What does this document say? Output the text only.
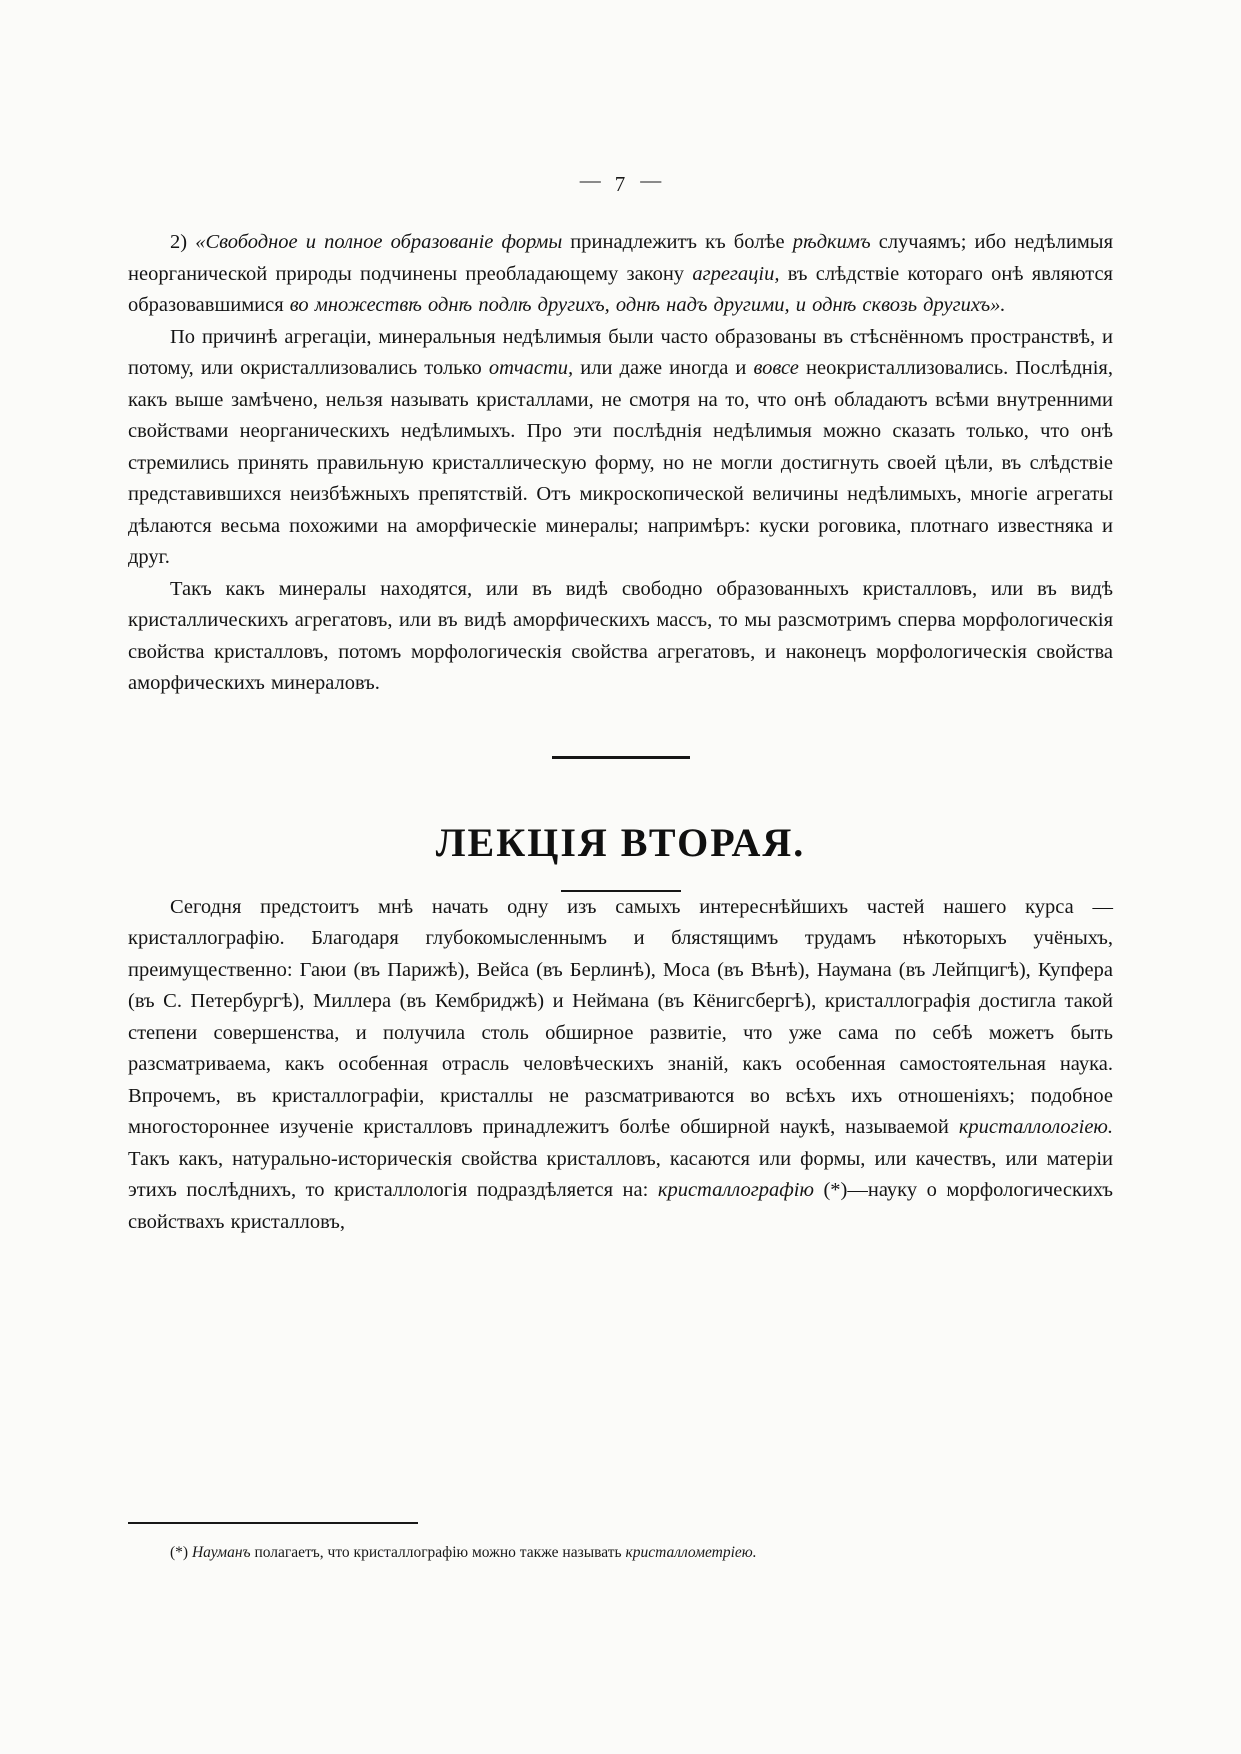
— 7 —

2) «Свободное и полное образованіе формы принадлежитъ къ болѣе рѣдкимъ случаямъ; ибо недѣлимыя неорганической природы подчинены преобладающему закону агрегаціи, въ слѣдствіе котораго онѣ являются образовавшимися во множествѣ однѣ подлѣ другихъ, однѣ надъ другими, и однѣ сквозь другихъ».

По причинѣ агрегаціи, минеральныя недѣлимыя были часто образованы въ стѣснённомъ пространствѣ, и потому, или окристаллизовались только отчасти, или даже иногда и вовсе неокристаллизовались. Послѣднія, какъ вышe замѣчено, нельзя называть кристаллами, не смотря на то, что онѣ обладаютъ всѣми внутренними свойствами неорганическихъ недѣлимыхъ. Про эти послѣднія недѣлимыя можно сказать только, что онѣ стремились принять правильную кристаллическую форму, но не могли достигнуть своей цѣли, въ слѣдствіе представившихся неизбѣжныхъ препятствій. Отъ микроскопической величины недѣлимыхъ, многіе агрегаты дѣлаются весьма похожими на аморфическіе минералы; напримѣръ: куски роговика, плотнаго известняка и друг.

Такъ какъ минералы находятся, или въ видѣ свободно образованныхъ кристалловъ, или въ видѣ кристаллическихъ агрегатовъ, или въ видѣ аморфическихъ массъ, то мы разсмотримъ сперва морфологическія свойства кристалловъ, потомъ морфологическія свойства агрегатовъ, и наконецъ морфологическія свойства аморфическихъ минераловъ.

ЛЕКЦІЯ ВТОРАЯ.

Сегодня предстоитъ мнѣ начать одну изъ самыхъ интереснѣйшихъ частей нашего курса — кристаллографію. Благодаря глубокомысленнымъ и блястящимъ трудамъ нѣкоторыхъ учёныхъ, преимущественно: Гаюи (въ Парижѣ), Вейса (въ Берлинѣ), Моса (въ Вѣнѣ), Наумана (въ Лейпцигѣ), Купфера (въ С. Петербургѣ), Миллера (въ Кембриджѣ) и Неймана (въ Кёнигсбергѣ), кристаллографія достигла такой степени совершенства, и получила столь обширное развитіе, что уже сама по себѣ можетъ быть разсматриваема, какъ особенная отрасль человѣческихъ знаній, какъ особенная самостоятельная наука. Впрочемъ, въ кристаллографіи, кристаллы не разсматриваются во всѣхъ ихъ отношеніяхъ; подобное многостороннее изученіе кристалловъ принадлежитъ болѣе обширной наукѣ, называемой кристаллологіею. Такъ какъ, натурально-историческія свойства кристалловъ, касаются или формы, или качествъ, или матеріи этихъ послѣднихъ, то кристаллологія подраздѣляется на: кристаллографію (*)—науку о морфологическихъ свойствахъ кристалловъ,

(*) Науманъ полагаетъ, что кристаллографію можно также называть кристаллометріею.
